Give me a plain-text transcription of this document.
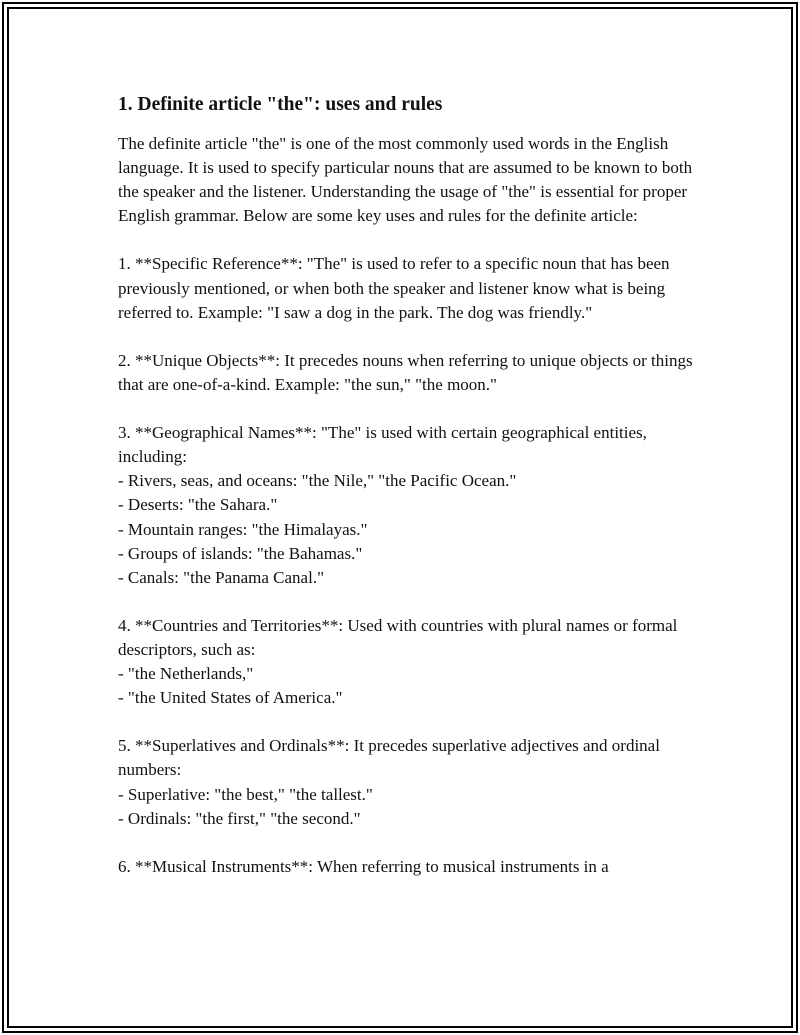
1. Definite article "the": uses and rules

The definite article "the" is one of the most commonly used words in the English language. It is used to specify particular nouns that are assumed to be known to both the speaker and the listener. Understanding the usage of "the" is essential for proper English grammar. Below are some key uses and rules for the definite article:

1. **Specific Reference**: "The" is used to refer to a specific noun that has been previously mentioned, or when both the speaker and listener know what is being referred to. Example: "I saw a dog in the park. The dog was friendly."

2. **Unique Objects**: It precedes nouns when referring to unique objects or things that are one-of-a-kind. Example: "the sun," "the moon."

3. **Geographical Names**: "The" is used with certain geographical entities, including:
- Rivers, seas, and oceans: "the Nile," "the Pacific Ocean."
- Deserts: "the Sahara."
- Mountain ranges: "the Himalayas."
- Groups of islands: "the Bahamas."
- Canals: "the Panama Canal."

4. **Countries and Territories**: Used with countries with plural names or formal descriptors, such as:
- "the Netherlands,"
- "the United States of America."

5. **Superlatives and Ordinals**: It precedes superlative adjectives and ordinal numbers:
- Superlative: "the best," "the tallest."
- Ordinals: "the first," "the second."

6. **Musical Instruments**: When referring to musical instruments in a
